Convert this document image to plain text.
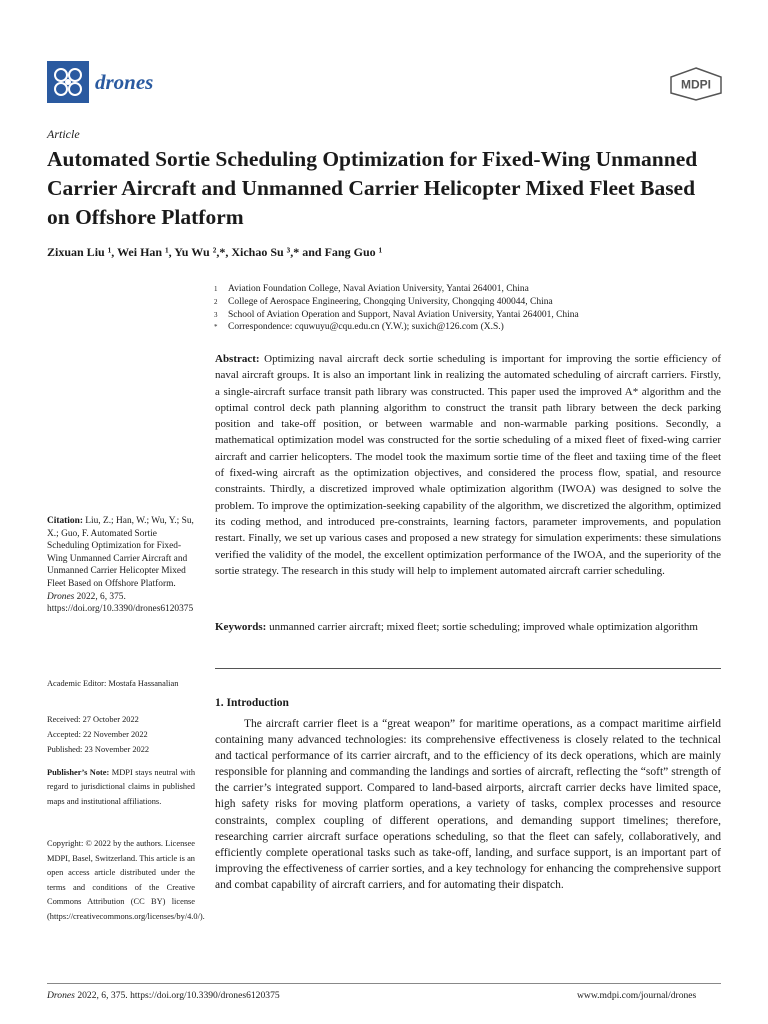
drones	MDPI
Article
Automated Sortie Scheduling Optimization for Fixed-Wing Unmanned Carrier Aircraft and Unmanned Carrier Helicopter Mixed Fleet Based on Offshore Platform
Zixuan Liu ¹, Wei Han ¹, Yu Wu ²,*, Xichao Su ³,* and Fang Guo ¹
1	Aviation Foundation College, Naval Aviation University, Yantai 264001, China
2	College of Aerospace Engineering, Chongqing University, Chongqing 400044, China
3	School of Aviation Operation and Support, Naval Aviation University, Yantai 264001, China
*	Correspondence: cquwuyu@cqu.edu.cn (Y.W.); suxich@126.com (X.S.)
Citation: Liu, Z.; Han, W.; Wu, Y.; Su, X.; Guo, F. Automated Sortie Scheduling Optimization for Fixed-Wing Unmanned Carrier Aircraft and Unmanned Carrier Helicopter Mixed Fleet Based on Offshore Platform. Drones 2022, 6, 375. https://doi.org/10.3390/drones6120375
Academic Editor: Mostafa Hassanalian
Received: 27 October 2022
Accepted: 22 November 2022
Published: 23 November 2022
Publisher’s Note: MDPI stays neutral with regard to jurisdictional claims in published maps and institutional affiliations.
Copyright: © 2022 by the authors. Licensee MDPI, Basel, Switzerland. This article is an open access article distributed under the terms and conditions of the Creative Commons Attribution (CC BY) license (https://creativecommons.org/licenses/by/4.0/).
Abstract: Optimizing naval aircraft deck sortie scheduling is important for improving the sortie efficiency of naval aircraft groups. It is also an important link in realizing the automated scheduling of aircraft carriers. Firstly, a single-aircraft surface transit path library was constructed. This paper used the improved A* algorithm and the optimal control deck path planning algorithm to construct the transit path library between the deck parking position and take-off position, or between warmable and non-warmable parking positions. Secondly, a mathematical optimization model was constructed for the sortie scheduling of a mixed fleet of fixed-wing carrier aircraft and carrier helicopters. The model took the maximum sortie time of the fleet and taxiing time of the fleet of fixed-wing aircraft as the optimization objectives, and considered the process flow, spatial, and resource constraints. Thirdly, a discretized improved whale optimization algorithm (IWOA) was designed to solve the problem. To improve the optimization-seeking capability of the algorithm, we discretized the algorithm, optimized its coding method, and introduced pre-constraints, learning factors, parameter improvements, and population restart. Finally, we set up various cases and proposed a new strategy for simulation experiments: these simulations verified the validity of the model, the excellent optimization performance of the IWOA, and the superiority of the sortie strategy. The research in this study will help to implement automated aircraft carrier scheduling.
Keywords: unmanned carrier aircraft; mixed fleet; sortie scheduling; improved whale optimization algorithm
1. Introduction
The aircraft carrier fleet is a “great weapon” for maritime operations, as a compact maritime airfield containing many advanced technologies: its comprehensive effectiveness is closely related to the technical and tactical performance of its carrier aircraft, and to the efficiency of its deck operations, which are mainly responsible for planning and commanding the landings and sorties of aircraft, reflecting the “soft” strength of the carrier’s integrated support. Compared to land-based airports, aircraft carrier decks have limited space, high safety risks for moving platform operations, a variety of tasks, complex processes and resource constraints, complex coupling of different operations, and demanding support timelines; therefore, researching carrier aircraft surface operations scheduling, so that the fleet can safely, collaboratively, and efficiently complete operational tasks such as take-off, landing, and surface support, is an important part of improving the effectiveness of carrier sorties, and a key technology for enhancing the comprehensive support and combat capability of aircraft carriers, and for automating their dispatch.
Drones 2022, 6, 375. https://doi.org/10.3390/drones6120375	www.mdpi.com/journal/drones
